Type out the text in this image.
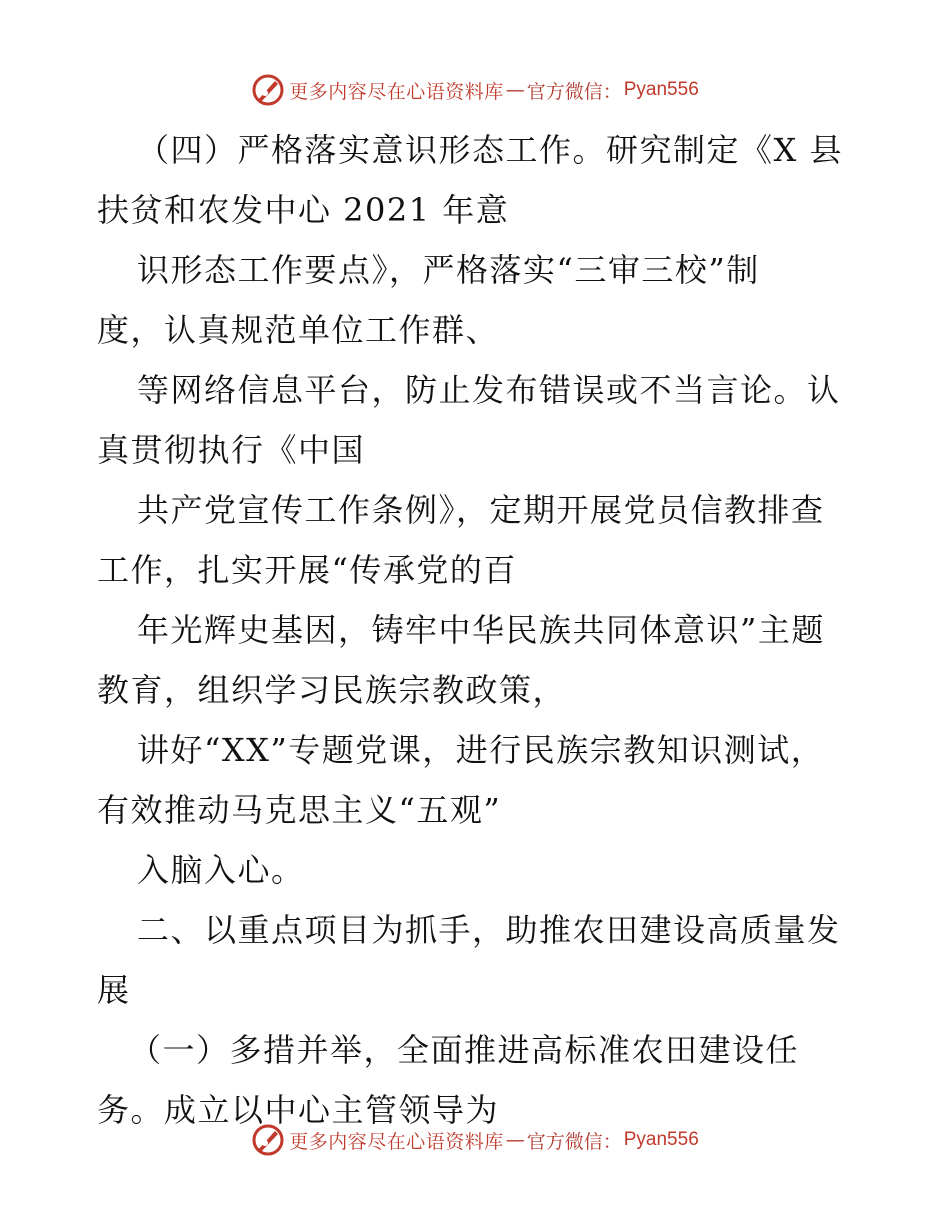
更多内容尽在心语资料库 — 官方微信： Pyan556
（四）严格落实意识形态工作。研究制定《X 县
扶贫和农发中心 2021 年意
识形态工作要点》，严格落实“三审三校”制
度，认真规范单位工作群、
等网络信息平台，防止发布错误或不当言论。认
真贯彻执行《中国
共产党宣传工作条例》，定期开展党员信教排查
工作，扎实开展“传承党的百
年光辉史基因，铸牢中华民族共同体意识”主题
教育，组织学习民族宗教政策，
讲好“XX”专题党课，进行民族宗教知识测试，
有效推动马克思主义“五观”
入脑入心。
二、以重点项目为抓手，助推农田建设高质量发
展
（一）多措并举，全面推进高标准农田建设任
务。成立以中心主管领导为
更多内容尽在心语资料库 — 官方微信： Pyan556
